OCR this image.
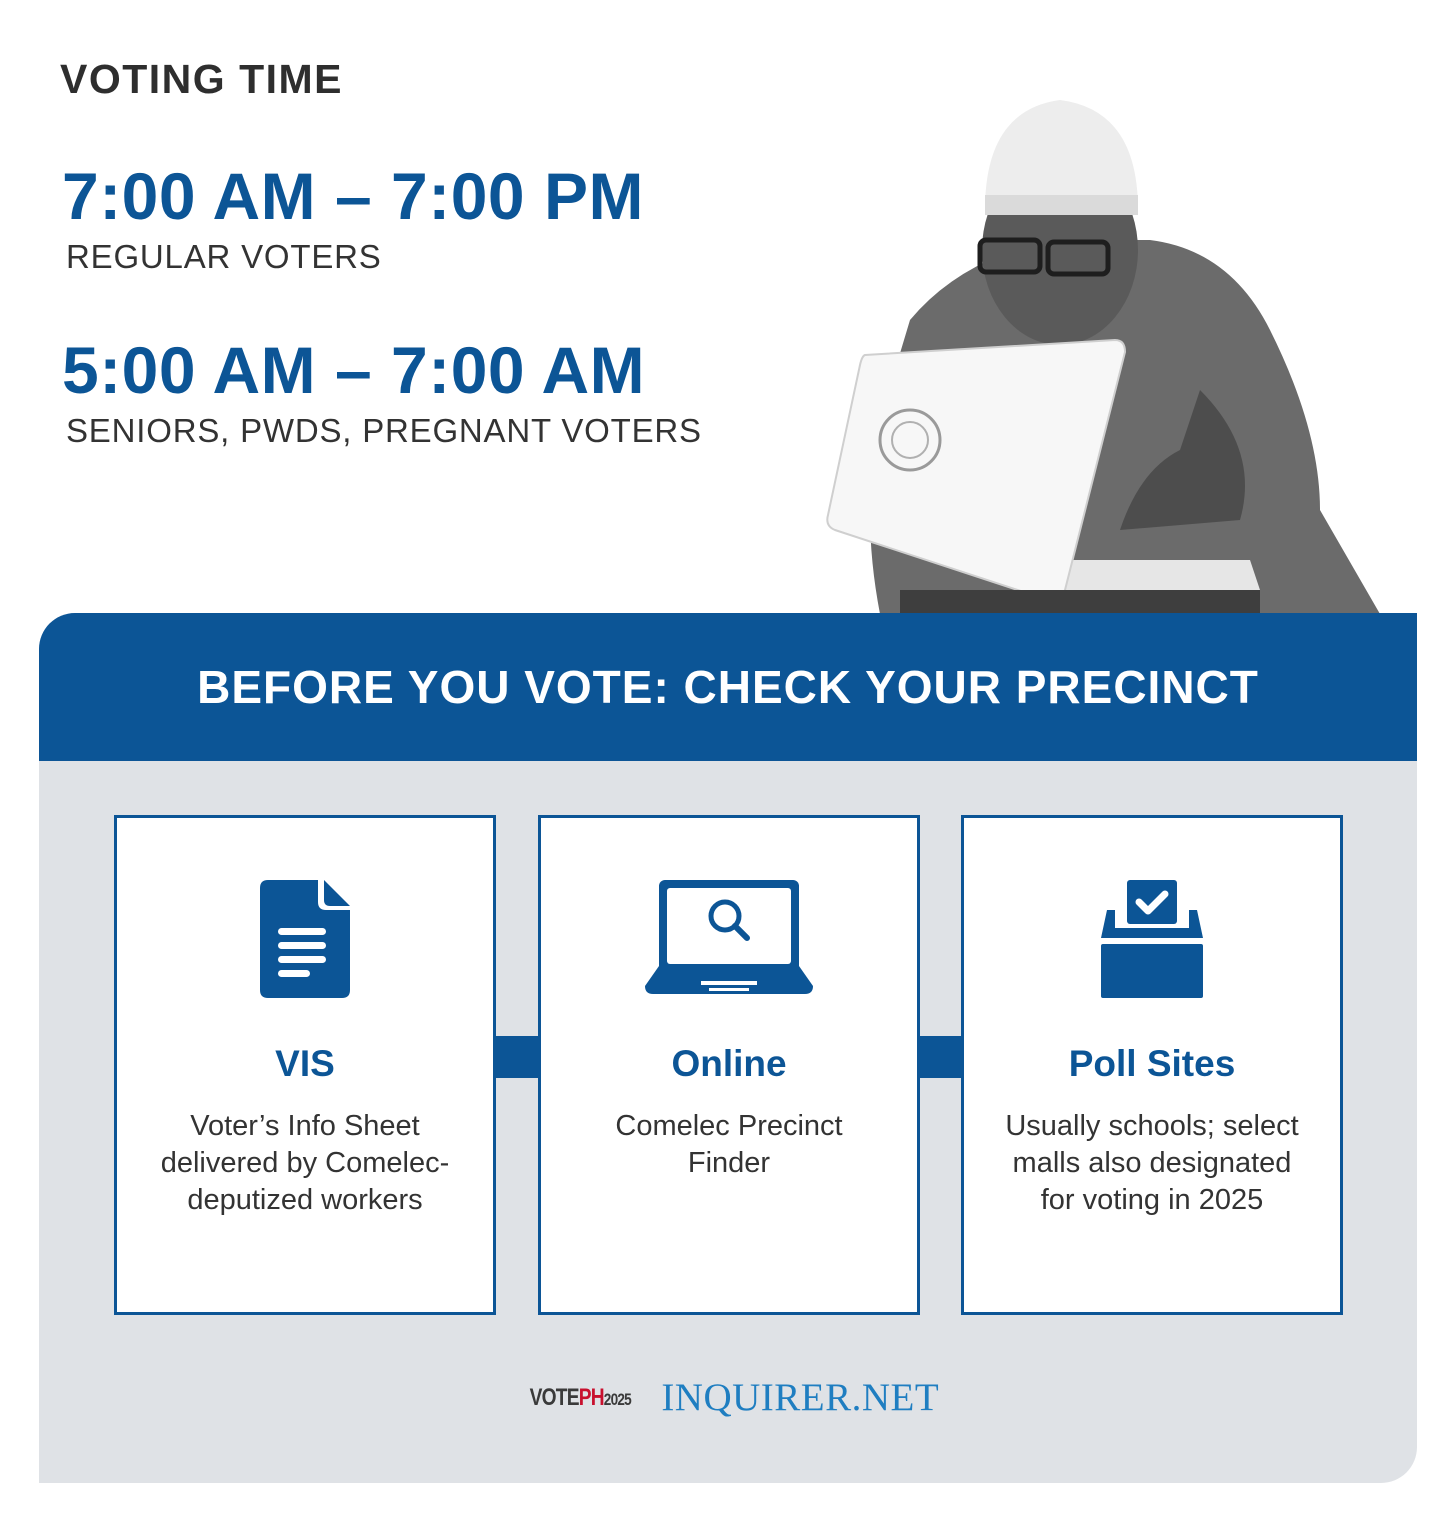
VOTING TIME
7:00 AM – 7:00 PM
REGULAR VOTERS
5:00 AM – 7:00 AM
SENIORS, PWDS, PREGNANT VOTERS
BEFORE YOU VOTE: CHECK YOUR PRECINCT
VIS
Voter’s Info Sheet delivered by Comelec-deputized workers
Online
Comelec Precinct Finder
Poll Sites
Usually schools; select malls also designated for voting in 2025
VOTE PH 2025 INQUIRER.NET
